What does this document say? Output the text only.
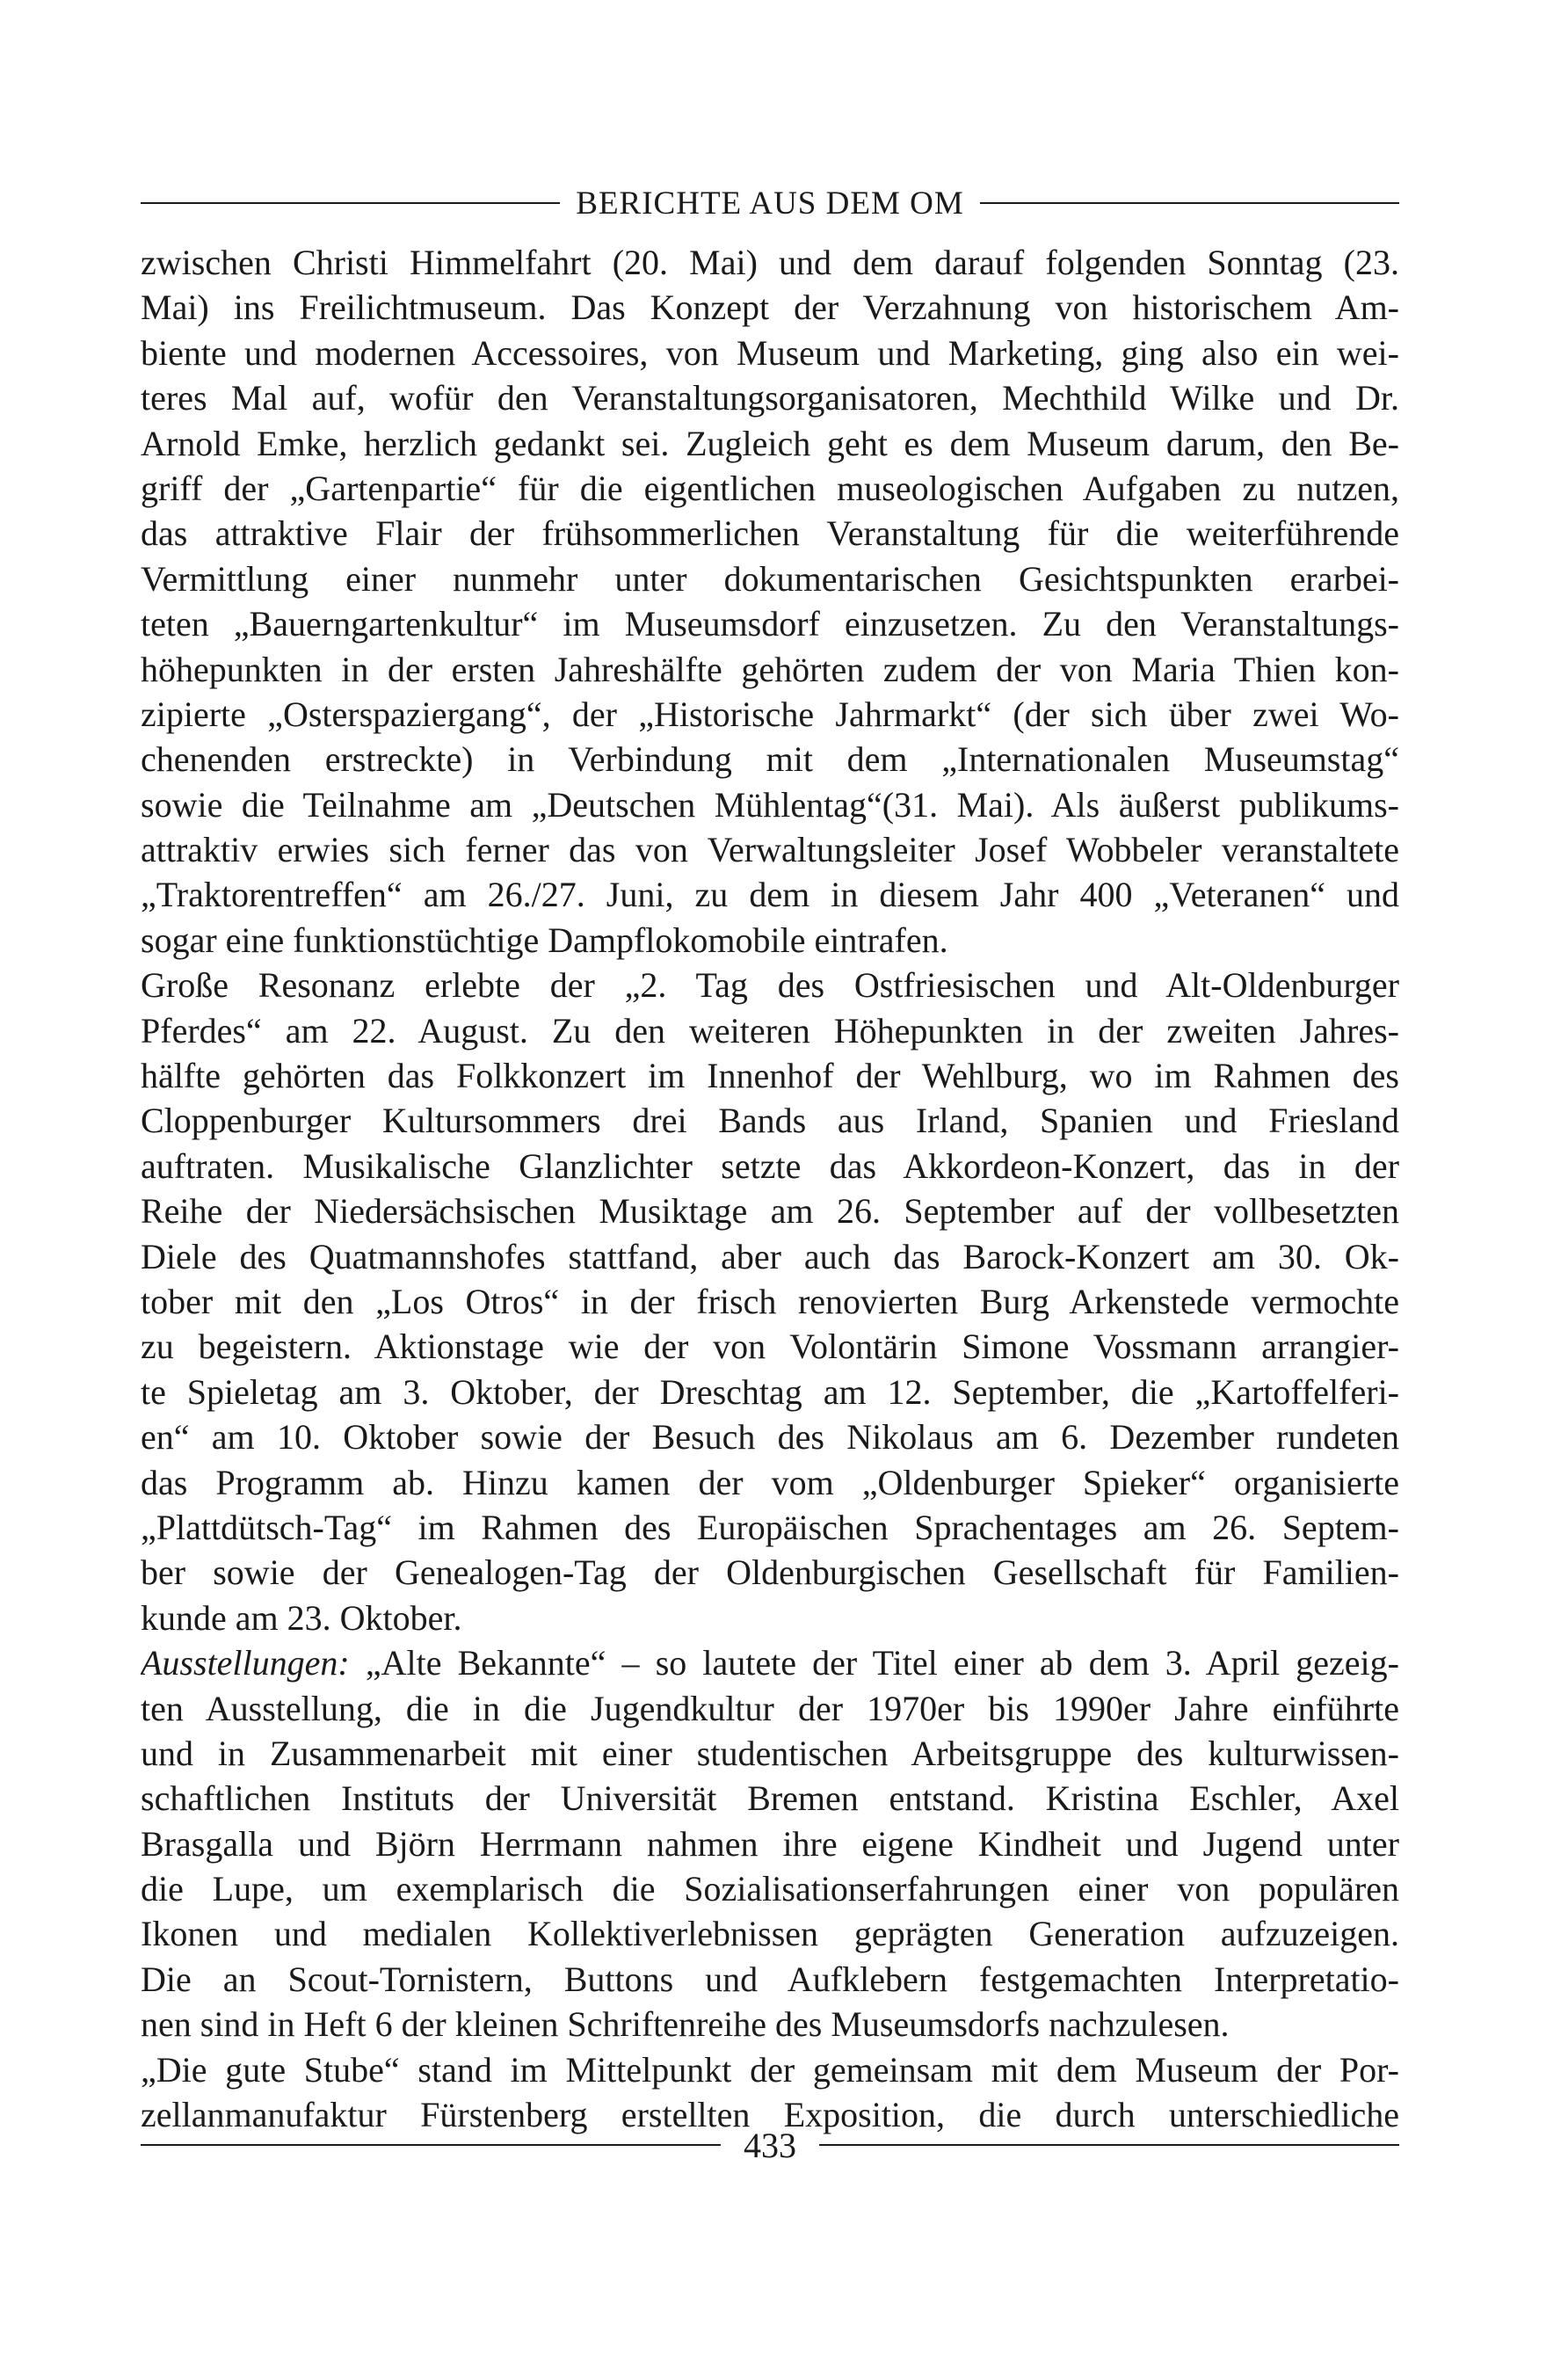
BERICHTE AUS DEM OM
zwischen Christi Himmelfahrt (20. Mai) und dem darauf folgenden Sonntag (23.
Mai) ins Freilichtmuseum. Das Konzept der Verzahnung von historischem Am-
biente und modernen Accessoires, von Museum und Marketing, ging also ein wei-
teres Mal auf, wofür den Veranstaltungsorganisatoren, Mechthild Wilke und Dr.
Arnold Emke, herzlich gedankt sei. Zugleich geht es dem Museum darum, den Be-
griff der „Gartenpartie“ für die eigentlichen museologischen Aufgaben zu nutzen,
das attraktive Flair der frühsommerlichen Veranstaltung für die weiterführende
Vermittlung einer nunmehr unter dokumentarischen Gesichtspunkten erarbei-
teten „Bauerngartenkultur“ im Museumsdorf einzusetzen. Zu den Veranstaltungs-
höhepunkten in der ersten Jahreshälfte gehörten zudem der von Maria Thien kon-
zipierte „Osterspaziergang“, der „Historische Jahrmarkt“ (der sich über zwei Wo-
chenenden erstreckte) in Verbindung mit dem „Internationalen Museumstag“
sowie die Teilnahme am „Deutschen Mühlentag“(31. Mai). Als äußerst publikums-
attraktiv erwies sich ferner das von Verwaltungsleiter Josef Wobbeler veranstaltete
„Traktorentreffen“ am 26./27. Juni, zu dem in diesem Jahr 400 „Veteranen“ und
sogar eine funktionstüchtige Dampflokomobile eintrafen.
Große Resonanz erlebte der „2. Tag des Ostfriesischen und Alt-Oldenburger
Pferdes“ am 22. August. Zu den weiteren Höhepunkten in der zweiten Jahres-
hälfte gehörten das Folkkonzert im Innenhof der Wehlburg, wo im Rahmen des
Cloppenburger Kultursommers drei Bands aus Irland, Spanien und Friesland
auftraten. Musikalische Glanzlichter setzte das Akkordeon-Konzert, das in der
Reihe der Niedersächsischen Musiktage am 26. September auf der vollbesetzten
Diele des Quatmannshofes stattfand, aber auch das Barock-Konzert am 30. Ok-
tober mit den „Los Otros“ in der frisch renovierten Burg Arkenstede vermochte
zu begeistern. Aktionstage wie der von Volontärin Simone Vossmann arrangier-
te Spieletag am 3. Oktober, der Dreschtag am 12. September, die „Kartoffelferi-
en“ am 10. Oktober sowie der Besuch des Nikolaus am 6. Dezember rundeten
das Programm ab. Hinzu kamen der vom „Oldenburger Spieker“ organisierte
„Plattdütsch-Tag“ im Rahmen des Europäischen Sprachentages am 26. Septem-
ber sowie der Genealogen-Tag der Oldenburgischen Gesellschaft für Familien-
kunde am 23. Oktober.
Ausstellungen: „Alte Bekannte“ – so lautete der Titel einer ab dem 3. April gezeig-
ten Ausstellung, die in die Jugendkultur der 1970er bis 1990er Jahre einführte
und in Zusammenarbeit mit einer studentischen Arbeitsgruppe des kulturwissen-
schaftlichen Instituts der Universität Bremen entstand. Kristina Eschler, Axel
Brasgalla und Björn Herrmann nahmen ihre eigene Kindheit und Jugend unter
die Lupe, um exemplarisch die Sozialisationserfahrungen einer von populären
Ikonen und medialen Kollektiverlebnissen geprägten Generation aufzuzeigen.
Die an Scout-Tornistern, Buttons und Aufklebern festgemachten Interpretatio-
nen sind in Heft 6 der kleinen Schriftenreihe des Museumsdorfs nachzulesen.
„Die gute Stube“ stand im Mittelpunkt der gemeinsam mit dem Museum der Por-
zellanmanufaktur Fürstenberg erstellten Exposition, die durch unterschiedliche
433
